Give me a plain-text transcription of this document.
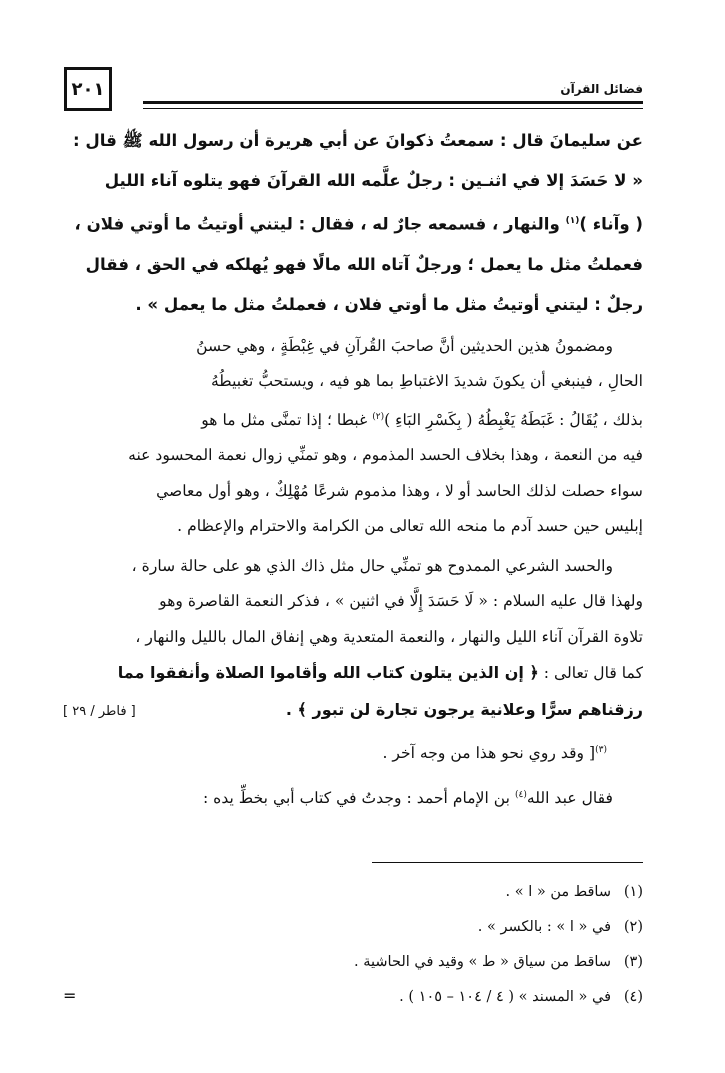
٢٠١	فضائل القرآن
عن سليمانَ قال : سمعتُ ذكوانَ عن أبي هريرة أن رسول الله ﷺ قال :
« لا حَسَدَ إلا في اثنـين : رجلٌ علَّمه الله القرآنَ فهو يتلوه آناء الليل
( وآناء )$^{(١)}$ والنهار ، فسمعه جارٌ له ، فقال : ليتني أوتيتُ ما أوتي فلان ،
فعملتُ مثل ما يعمل ؛ ورجلٌ آتاه الله مالًا فهو يُهلكه في الحق ، فقال
رجلٌ : ليتني أوتيتُ مثل ما أوتي فلان ، فعملتُ مثل ما يعمل » .
ومضمونُ هذين الحديثين أنَّ صاحبَ القُرآنِ في غِبْطَةٍ ، وهي حسنُ
الحالِ ، فينبغي أن يكونَ شديدَ الاغتباطِ بما هو فيه ، ويستحبُّ تغبيطُهُ
بذلك ، يُقَالُ : غَبَطَهُ يَغْبِطُهُ ( بِكَسْرِ البَاءِ )$^{(٢)}$ غبطا ؛ إذا تمنَّى مثل ما هو
فيه من النعمة ، وهذا بخلاف الحسد المذموم ، وهو تمنِّي زوال نعمة المحسود عنه
سواء حصلت لذلك الحاسد أو لا ، وهذا مذموم شرعًا مُهْلِكٌ ، وهو أول معاصي
إبليس حين حسد آدم ما منحه الله تعالى من الكرامة والاحترام والإعظام .
والحسد الشرعي الممدوح هو تمنِّي حال مثل ذاك الذي هو على حالة سارة ،
ولهذا قال عليه السلام : « لَا حَسَدَ إِلَّا في اثنين » ، فذكر النعمة القاصرة وهو
تلاوة القرآن آناء الليل والنهار ، والنعمة المتعدية وهي إنفاق المال بالليل والنهار ،
كما قال تعالى : ﴿ إن الذين يتلون كتاب الله وأقاموا الصلاة وأنفقوا مما
رزقناهم سرًّا وعلانية يرجون تجارة لن تبور ﴾ .
[ فاطر / ٢٩ ]
$^{(٣)}$[ وقد روي نحو هذا من وجه آخر .
فقال عبد الله$^{(٤)}$ بن الإمام أحمد : وجدتُ في كتاب أبي بخطِّ يده :
(١)ساقط من « ا » .
(٢)في « ا » : بالكسر » .
(٣)ساقط من سياق « ط » وقيد في الحاشية .
(٤)في « المسند » ( ٤ / ١٠٤ – ١٠٥ ) .
=
